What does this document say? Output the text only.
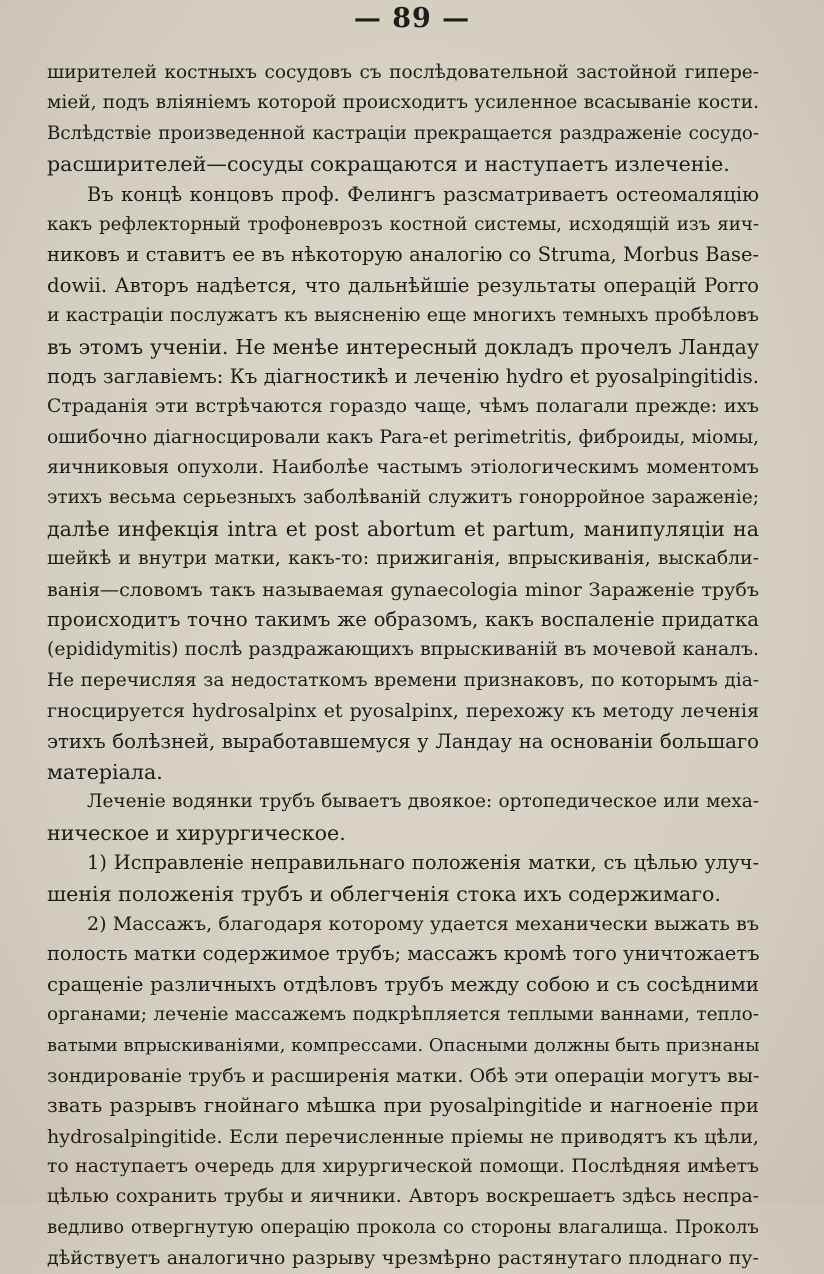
— 89 —
ширителей костныхъ сосудовъ съ послѣдовательной застойной гипере-
міей, подъ вліяніемъ которой происходитъ усиленное всасываніе кости.
Вслѣдствіе произведенной кастраціи прекращается раздраженіе сосудо-
расширителей—сосуды сокращаются и наступаетъ излеченіе.
Въ концѣ концовъ проф. Фелингъ разсматриваетъ остеомаляцію
какъ рефлекторный трофоневрозъ костной системы, исходящій изъ яич-
никовъ и ставитъ ее въ нѣкоторую аналогію со Struma, Morbus Base-
dowii. Авторъ надѣется, что дальнѣйшіе результаты операцій Porro
и кастраціи послужатъ къ выясненію еще многихъ темныхъ пробѣловъ
въ этомъ ученіи. Не менѣе интересный докладъ прочелъ Ландау
подъ заглавіемъ: Къ діагностикѣ и леченію hydro et pyosalpingitidis.
Страданія эти встрѣчаются гораздо чаще, чѣмъ полагали прежде: ихъ
ошибочно діагносцировали какъ Para-et perimetritis, фиброиды, міомы,
яичниковыя опухоли. Наиболѣе частымъ этіологическимъ моментомъ
этихъ весьма серьезныхъ заболѣваній служитъ гонорройное зараженіе;
далѣе инфекція intra et post abortum et partum, манипуляціи на
шейкѣ и внутри матки, какъ-то: прижиганія, впрыскиванія, выскабли-
ванія—словомъ такъ называемая gynaecologia minor Зараженіе трубъ
происходитъ точно такимъ же образомъ, какъ воспаленіе придатка
(epididymitis) послѣ раздражающихъ впрыскиваній въ мочевой каналъ.
Не перечисляя за недостаткомъ времени признаковъ, по которымъ діа-
гносцируется hydrosalpinx et pyosalpinx, перехожу къ методу леченія
этихъ болѣзней, выработавшемуся у Ландау на основаніи большаго
матеріала.
Леченіе водянки трубъ бываетъ двоякое: ортопедическое или меха-
ническое и хирургическое.
1) Исправленіе неправильнаго положенія матки, съ цѣлью улуч-
шенія положенія трубъ и облегченія стока ихъ содержимаго.
2) Массажъ, благодаря которому удается механически выжать въ
полость матки содержимое трубъ; массажъ кромѣ того уничтожаетъ
сращеніе различныхъ отдѣловъ трубъ между собою и съ сосѣдними
органами; леченіе массажемъ подкрѣпляется теплыми ваннами, тепло-
ватыми впрыскиваніями, компрессами. Опасными должны быть признаны
зондированіе трубъ и расширенія матки. Обѣ эти операціи могутъ вы-
звать разрывъ гнойнаго мѣшка при pyosalpingitide и нагноеніе при
hydrosalpingitide. Если перечисленные пріемы не приводятъ къ цѣли,
то наступаетъ очередь для хирургической помощи. Послѣдняя имѣетъ
цѣлью сохранить трубы и яичники. Авторъ воскрешаетъ здѣсь неспра-
ведливо отвергнутую операцію прокола со стороны влагалища. Проколъ
дѣйствуетъ аналогично разрыву чрезмѣрно растянутаго плоднаго пу-
